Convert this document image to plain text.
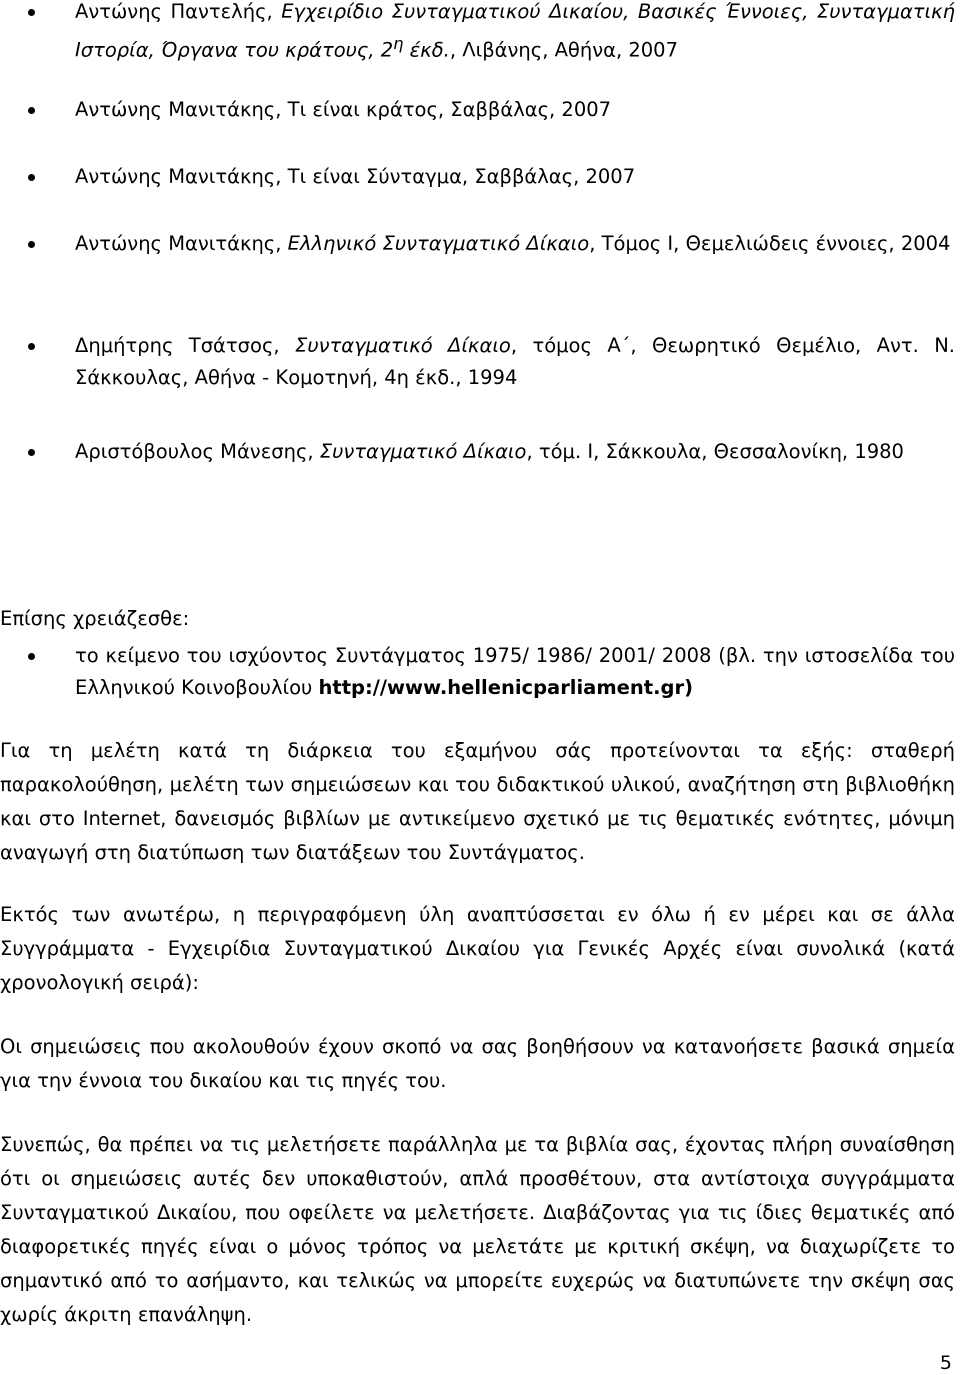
Αντώνης Παντελής, Εγχειρίδιο Συνταγματικού Δικαίου, Βασικές Έννοιες, Συνταγματική Ιστορία, Όργανα του κράτους, $2^\eta$ έκδ., Λιβάνης, Αθήνα, 2007
Αντώνης Μανιτάκης, Τι είναι κράτος, Σαββάλας, 2007
Αντώνης Μανιτάκης, Τι είναι Σύνταγμα, Σαββάλας, 2007
Αντώνης Μανιτάκης, Ελληνικό Συνταγματικό Δίκαιο, Τόμος Ι, Θεμελιώδεις έννοιες, 2004
Δημήτρης Τσάτσος, Συνταγματικό Δίκαιο, τόμος Α΄, Θεωρητικό Θεμέλιο, Αντ. Ν. Σάκκουλας, Αθήνα - Κομοτηνή, 4η έκδ., 1994
Αριστόβουλος Μάνεσης, Συνταγματικό Δίκαιο, τόμ. Ι, Σάκκουλα, Θεσσαλονίκη, 1980

Επίσης χρειάζεσθε:

το κείμενο του ισχύοντος Συντάγματος 1975/ 1986/ 2001/ 2008 (βλ. την ιστοσελίδα του Ελληνικού Κοινοβουλίου http://www.hellenicparliament.gr)

Για τη μελέτη κατά τη διάρκεια του εξαμήνου σάς προτείνονται τα εξής: σταθερή παρακολούθηση, μελέτη των σημειώσεων και του διδακτικού υλικού, αναζήτηση στη βιβλιοθήκη και στο Internet, δανεισμός βιβλίων με αντικείμενο σχετικό με τις θεματικές ενότητες, μόνιμη αναγωγή στη διατύπωση των διατάξεων του Συντάγματος.

Εκτός των ανωτέρω, η περιγραφόμενη ύλη αναπτύσσεται εν όλω ή εν μέρει και σε άλλα Συγγράμματα - Εγχειρίδια Συνταγματικού Δικαίου για Γενικές Αρχές είναι συνολικά (κατά χρονολογική σειρά):

Οι σημειώσεις που ακολουθούν έχουν σκοπό να σας βοηθήσουν να κατανοήσετε βασικά σημεία για την έννοια του δικαίου και τις πηγές του.

Συνεπώς, θα πρέπει να τις μελετήσετε παράλληλα με τα βιβλία σας, έχοντας πλήρη συναίσθηση ότι οι σημειώσεις αυτές δεν υποκαθιστούν, απλά προσθέτουν, στα αντίστοιχα συγγράμματα Συνταγματικού Δικαίου, που οφείλετε να μελετήσετε. Διαβάζοντας για τις ίδιες θεματικές από διαφορετικές πηγές είναι ο μόνος τρόπος να μελετάτε με κριτική σκέψη, να διαχωρίζετε το σημαντικό από το ασήμαντο, και τελικώς να μπορείτε ευχερώς να διατυπώνετε την σκέψη σας χωρίς άκριτη επανάληψη.

5
